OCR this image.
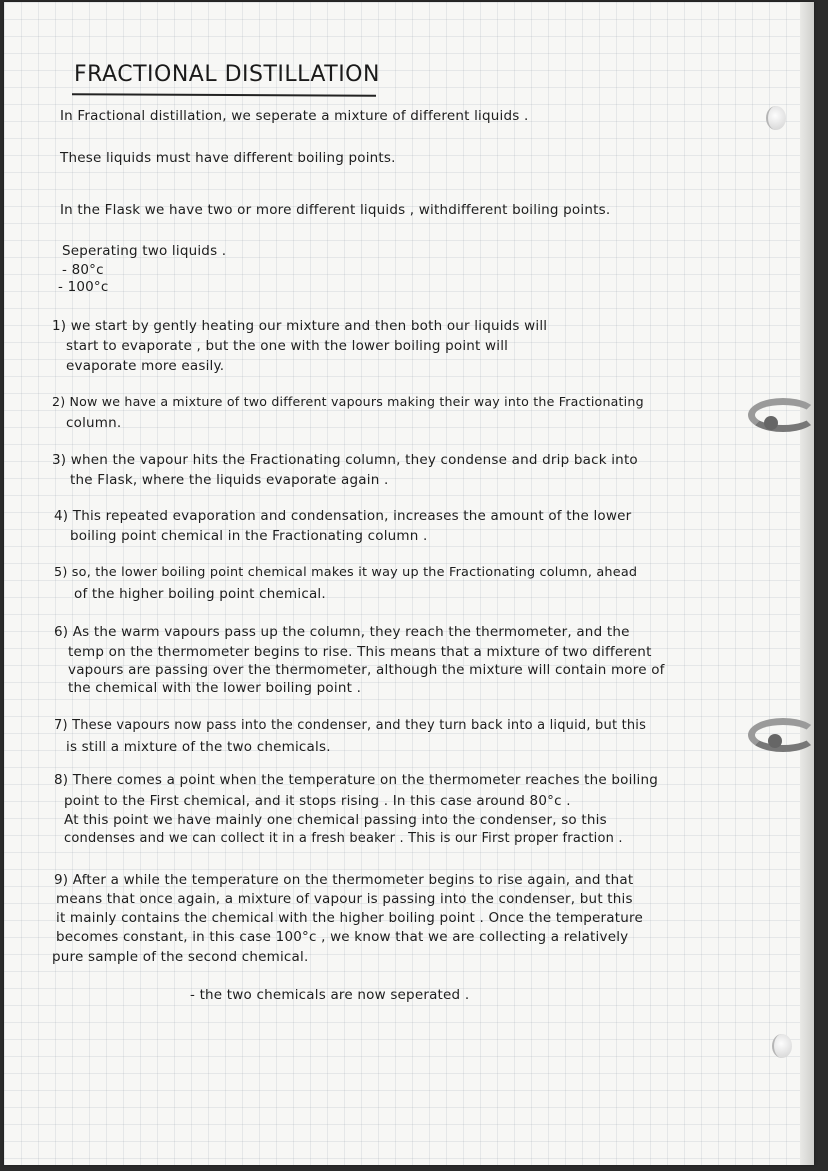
FRACTIONAL DISTILLATION
In Fractional distillation, we seperate a mixture of different liquids .
These liquids must have different boiling points.
In the Flask we have two or more different liquids , withdifferent boiling points.
Seperating two liquids .
- 80°c
- 100°c
1) we start by gently heating our mixture and then both our liquids will
start to evaporate , but the one with the lower boiling point will
evaporate more easily.
2) Now we have a mixture of two different vapours making their way into the Fractionating
column.
3) when the vapour hits the Fractionating column, they condense and drip back into
the Flask, where the liquids evaporate again .
4) This repeated evaporation and condensation, increases the amount of the lower
boiling point chemical in the Fractionating column .
5) so, the lower boiling point chemical makes it way up the Fractionating column, ahead
of the higher boiling point chemical.
6) As the warm vapours pass up the column, they reach the thermometer, and the
temp on the thermometer begins to rise. This means that a mixture of two different
vapours are passing over the thermometer, although the mixture will contain more of
the chemical with the lower boiling point .
7) These vapours now pass into the condenser, and they turn back into a liquid, but this
is still a mixture of the two chemicals.
8) There comes a point when the temperature on the thermometer reaches the boiling
point to the First chemical, and it stops rising . In this case around 80°c .
At this point we have mainly one chemical passing into the condenser, so this
condenses and we can collect it in a fresh beaker . This is our First proper fraction .
9) After a while the temperature on the thermometer begins to rise again, and that
means that once again, a mixture of vapour is passing into the condenser, but this
it mainly contains the chemical with the higher boiling point . Once the temperature
becomes constant, in this case 100°c , we know that we are collecting a relatively
pure sample of the second chemical.
- the two chemicals are now seperated .
